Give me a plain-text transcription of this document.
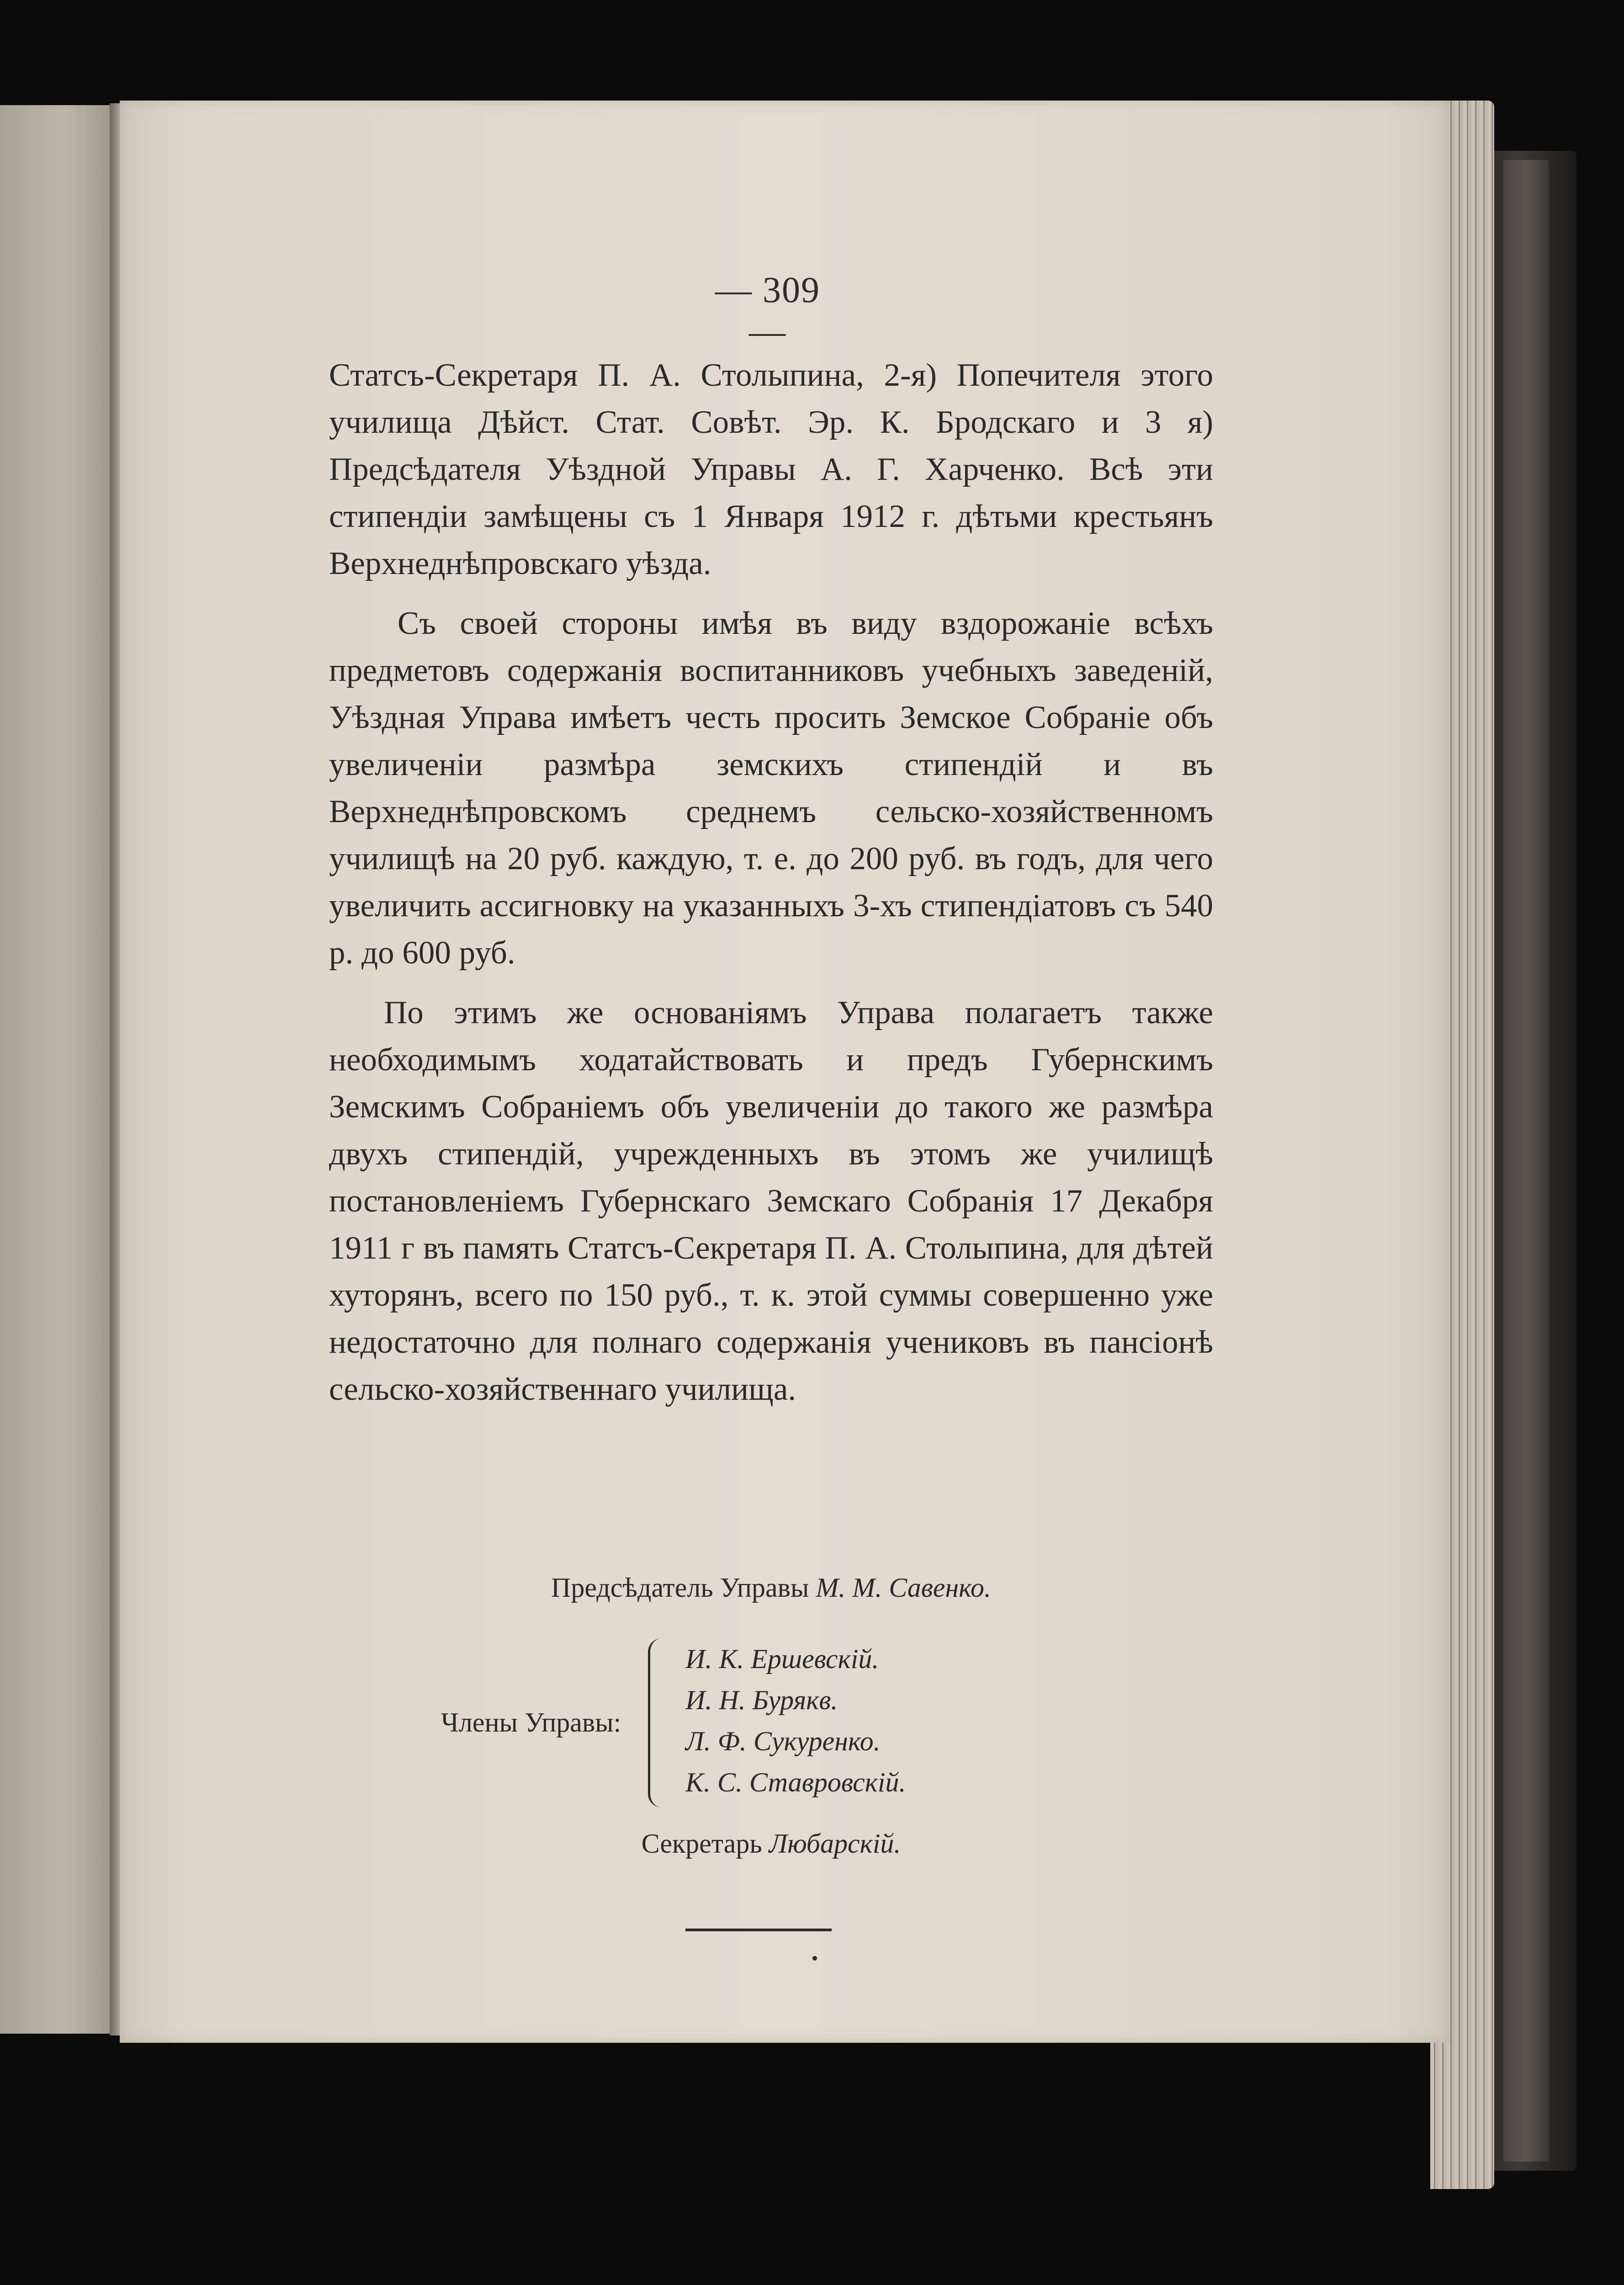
— 309 —

Статсъ-Секретаря П. А. Столыпина, 2-я) Попечителя этого училища Дѣйст. Стат. Совѣт. Эр. К. Бродскаго и 3 я) Предсѣдателя Уѣздной Управы А. Г. Харченко. Всѣ эти стипендіи замѣщены съ 1 Января 1912 г. дѣтьми крестьянъ Верхнеднѣпровскаго уѣзда.

Съ своей стороны имѣя въ виду вздорожаніе всѣхъ предметовъ содержанія воспитанниковъ учебныхъ заведеній, Уѣздная Управа имѣетъ честь просить Земское Собраніе объ увеличеніи размѣра земскихъ стипендій и въ Верхнеднѣпровскомъ среднемъ сельско-хозяйственномъ училищѣ на 20 руб. каждую, т. е. до 200 руб. въ годъ, для чего увеличить ассигновку на указанныхъ 3-хъ стипендіатовъ съ 540 р. до 600 руб.

По этимъ же основаніямъ Управа полагаетъ также необходимымъ ходатайствовать и предъ Губернскимъ Земскимъ Собраніемъ объ увеличеніи до такого же размѣра двухъ стипендій, учрежденныхъ въ этомъ же училищѣ постановленіемъ Губернскаго Земскаго Собранія 17 Декабря 1911 г въ память Статсъ-Секретаря П. А. Столыпина, для дѣтей хуторянъ, всего по 150 руб., т. к. этой суммы совершенно уже недостаточно для полнаго содержанія учениковъ въ пансіонѣ сельско-хозяйственнаго училища.

Предсѣдатель Управы М. М. Савенко.
Члены Управы:
И. К. Ершевскій.
И. Н. Бурякв.
Л. Ф. Сукуренко.
К. С. Ставровскій.
Секретарь Любарскій.
